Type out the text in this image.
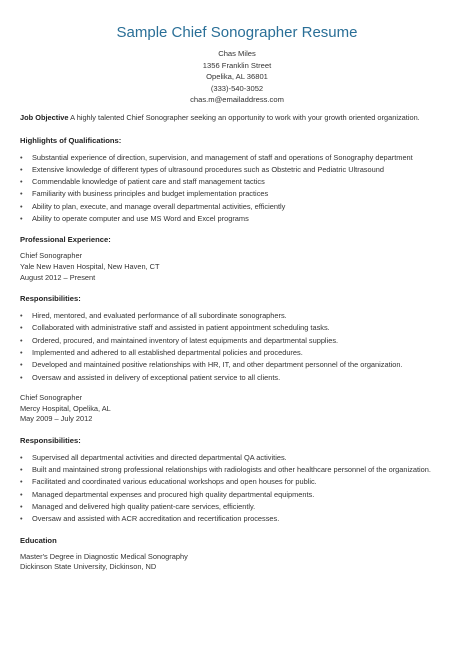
Sample Chief Sonographer Resume
Chas Miles
1356 Franklin Street
Opelika, AL 36801
(333)-540-3052
chas.m@emailaddress.com
Job Objective A highly talented Chief Sonographer seeking an opportunity to work with your growth oriented organization.
Highlights of Qualifications:
• Substantial experience of direction, supervision, and management of staff and operations of Sonography department
• Extensive knowledge of different types of ultrasound procedures such as Obstetric and Pediatric Ultrasound
• Commendable knowledge of patient care and staff management tactics
• Familiarity with business principles and budget implementation practices
• Ability to plan, execute, and manage overall departmental activities, efficiently
• Ability to operate computer and use MS Word and Excel programs
Professional Experience:
Chief Sonographer
Yale New Haven Hospital, New Haven, CT
August 2012 – Present
Responsibilities:
• Hired, mentored, and evaluated performance of all subordinate sonographers.
• Collaborated with administrative staff and assisted in patient appointment scheduling tasks.
• Ordered, procured, and maintained inventory of latest equipments and departmental supplies.
• Implemented and adhered to all established departmental policies and procedures.
• Developed and maintained positive relationships with HR, IT, and other department personnel of the organization.
• Oversaw and assisted in delivery of exceptional patient service to all clients.
Chief Sonographer
Mercy Hospital, Opelika, AL
May 2009 – July 2012
Responsibilities:
• Supervised all departmental activities and directed departmental QA activities.
• Built and maintained strong professional relationships with radiologists and other healthcare personnel of the organization.
• Facilitated and coordinated various educational workshops and open houses for public.
• Managed departmental expenses and procured high quality departmental equipments.
• Managed and delivered high quality patient-care services, efficiently.
• Oversaw and assisted with ACR accreditation and recertification processes.
Education
Master's Degree in Diagnostic Medical Sonography
Dickinson State University, Dickinson, ND
